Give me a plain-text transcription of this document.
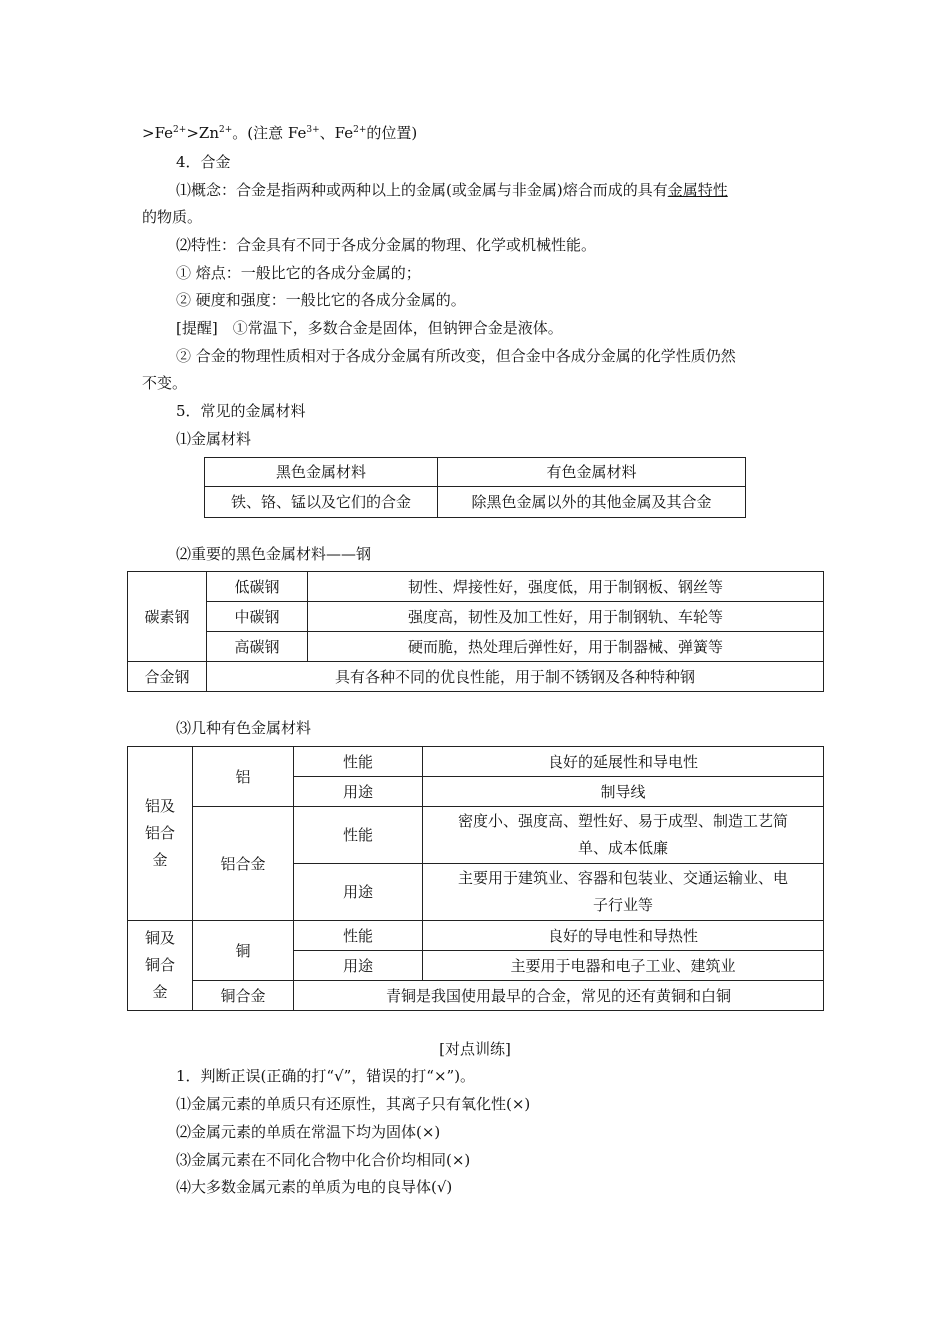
$>Fe^{2+}>Zn^{2+}$。(注意 $Fe^{3+}$、$Fe^{2+}$的位置)
4．合金
⑴概念：合金是指两种或两种以上的金属(或金属与非金属)熔合而成的具有金属特性
的物质。
⑵特性：合金具有不同于各成分金属的物理、化学或机械性能。
① 熔点：一般比它的各成分金属的；
② 硬度和强度：一般比它的各成分金属的。
[提醒]　①常温下，多数合金是固体，但钠钾合金是液体。
② 合金的物理性质相对于各成分金属有所改变，但合金中各成分金属的化学性质仍然
不变。
5．常见的金属材料
⑴金属材料
黑色金属材料	有色金属材料
铁、铬、锰以及它们的合金	除黑色金属以外的其他金属及其合金
⑵重要的黑色金属材料——钢
碳素钢	低碳钢	韧性、焊接性好，强度低，用于制钢板、钢丝等
	中碳钢	强度高，韧性及加工性好，用于制钢轨、车轮等
	高碳钢	硬而脆，热处理后弹性好，用于制器械、弹簧等
合金钢	具有各种不同的优良性能，用于制不锈钢及各种特种钢	
⑶几种有色金属材料
铝及
铝合
金	铝	性能	良好的延展性和导电性
		用途	制导线
	铝合金	性能	密度小、强度高、塑性好、易于成型、制造工艺简
单、成本低廉
		用途	主要用于建筑业、容器和包装业、交通运输业、电
子行业等
铜及
铜合
金	铜	性能	良好的导电性和导热性
		用途	主要用于电器和电子工业、建筑业
	铜合金	青铜是我国使用最早的合金，常见的还有黄铜和白铜	
[对点训练]
1．判断正误(正确的打“√”，错误的打“×”)。
⑴金属元素的单质只有还原性，其离子只有氧化性(×)
⑵金属元素的单质在常温下均为固体(×)
⑶金属元素在不同化合物中化合价均相同(×)
⑷大多数金属元素的单质为电的良导体(√)
